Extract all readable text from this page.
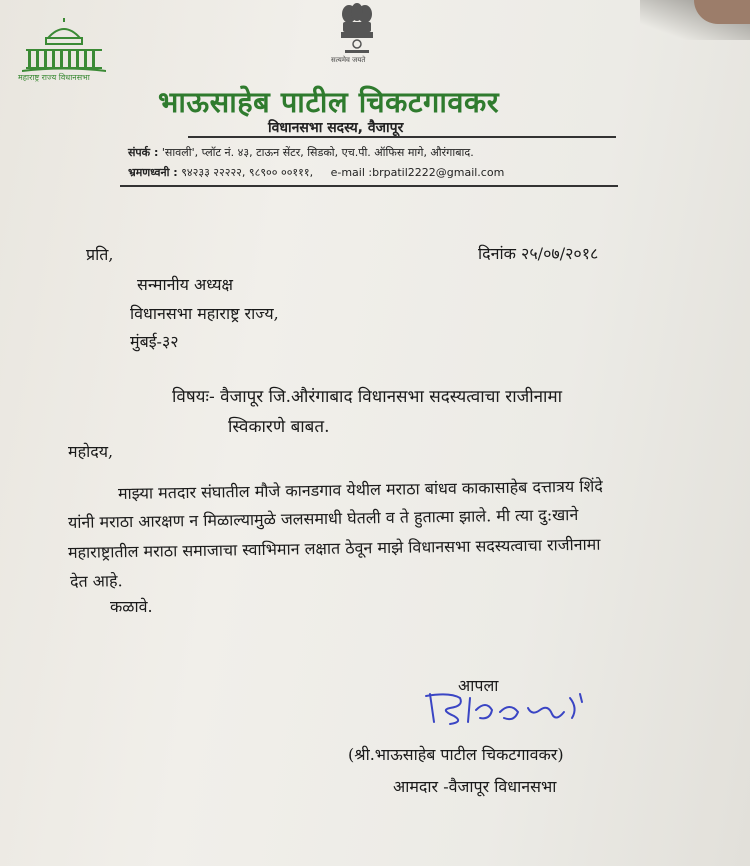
महाराष्ट्र राज्य विधानसभा
सत्यमेव जयते
भाऊसाहेब पाटील चिकटगावकर
विधानसभा सदस्य, वैजापूर
संपर्क : 'सावली', प्लॉट नं. ४३, टाऊन सेंटर, सिडको, एच.पी. ऑफिस मागे, औरंगाबाद.
भ्रमणध्वनी : ९४२३३ २२२२२, ९८९०० ००१११, e-mail :brpatil2222@gmail.com
प्रति,	दिनांक २५/०७/२०१८
सन्मानीय अध्यक्ष
विधानसभा महाराष्ट्र राज्य,
मुंबई-३२
विषयः- वैजापूर जि.औरंगाबाद विधानसभा सदस्यत्वाचा राजीनामा
स्विकारणे बाबत.
महोदय,
माझ्या मतदार संघातील मौजे कानडगाव येथील मराठा बांधव काकासाहेब दत्तात्रय शिंदे
यांनी मराठा आरक्षण न मिळाल्यामुळे जलसमाधी घेतली व ते हुतात्मा झाले. मी त्या दु:खाने
महाराष्ट्रातील मराठा समाजाचा स्वाभिमान लक्षात ठेवून माझे विधानसभा सदस्यत्वाचा राजीनामा
देत आहे.
कळावे.
आपला
(श्री.भाऊसाहेब पाटील चिकटगावकर)
आमदार -वैजापूर विधानसभा
